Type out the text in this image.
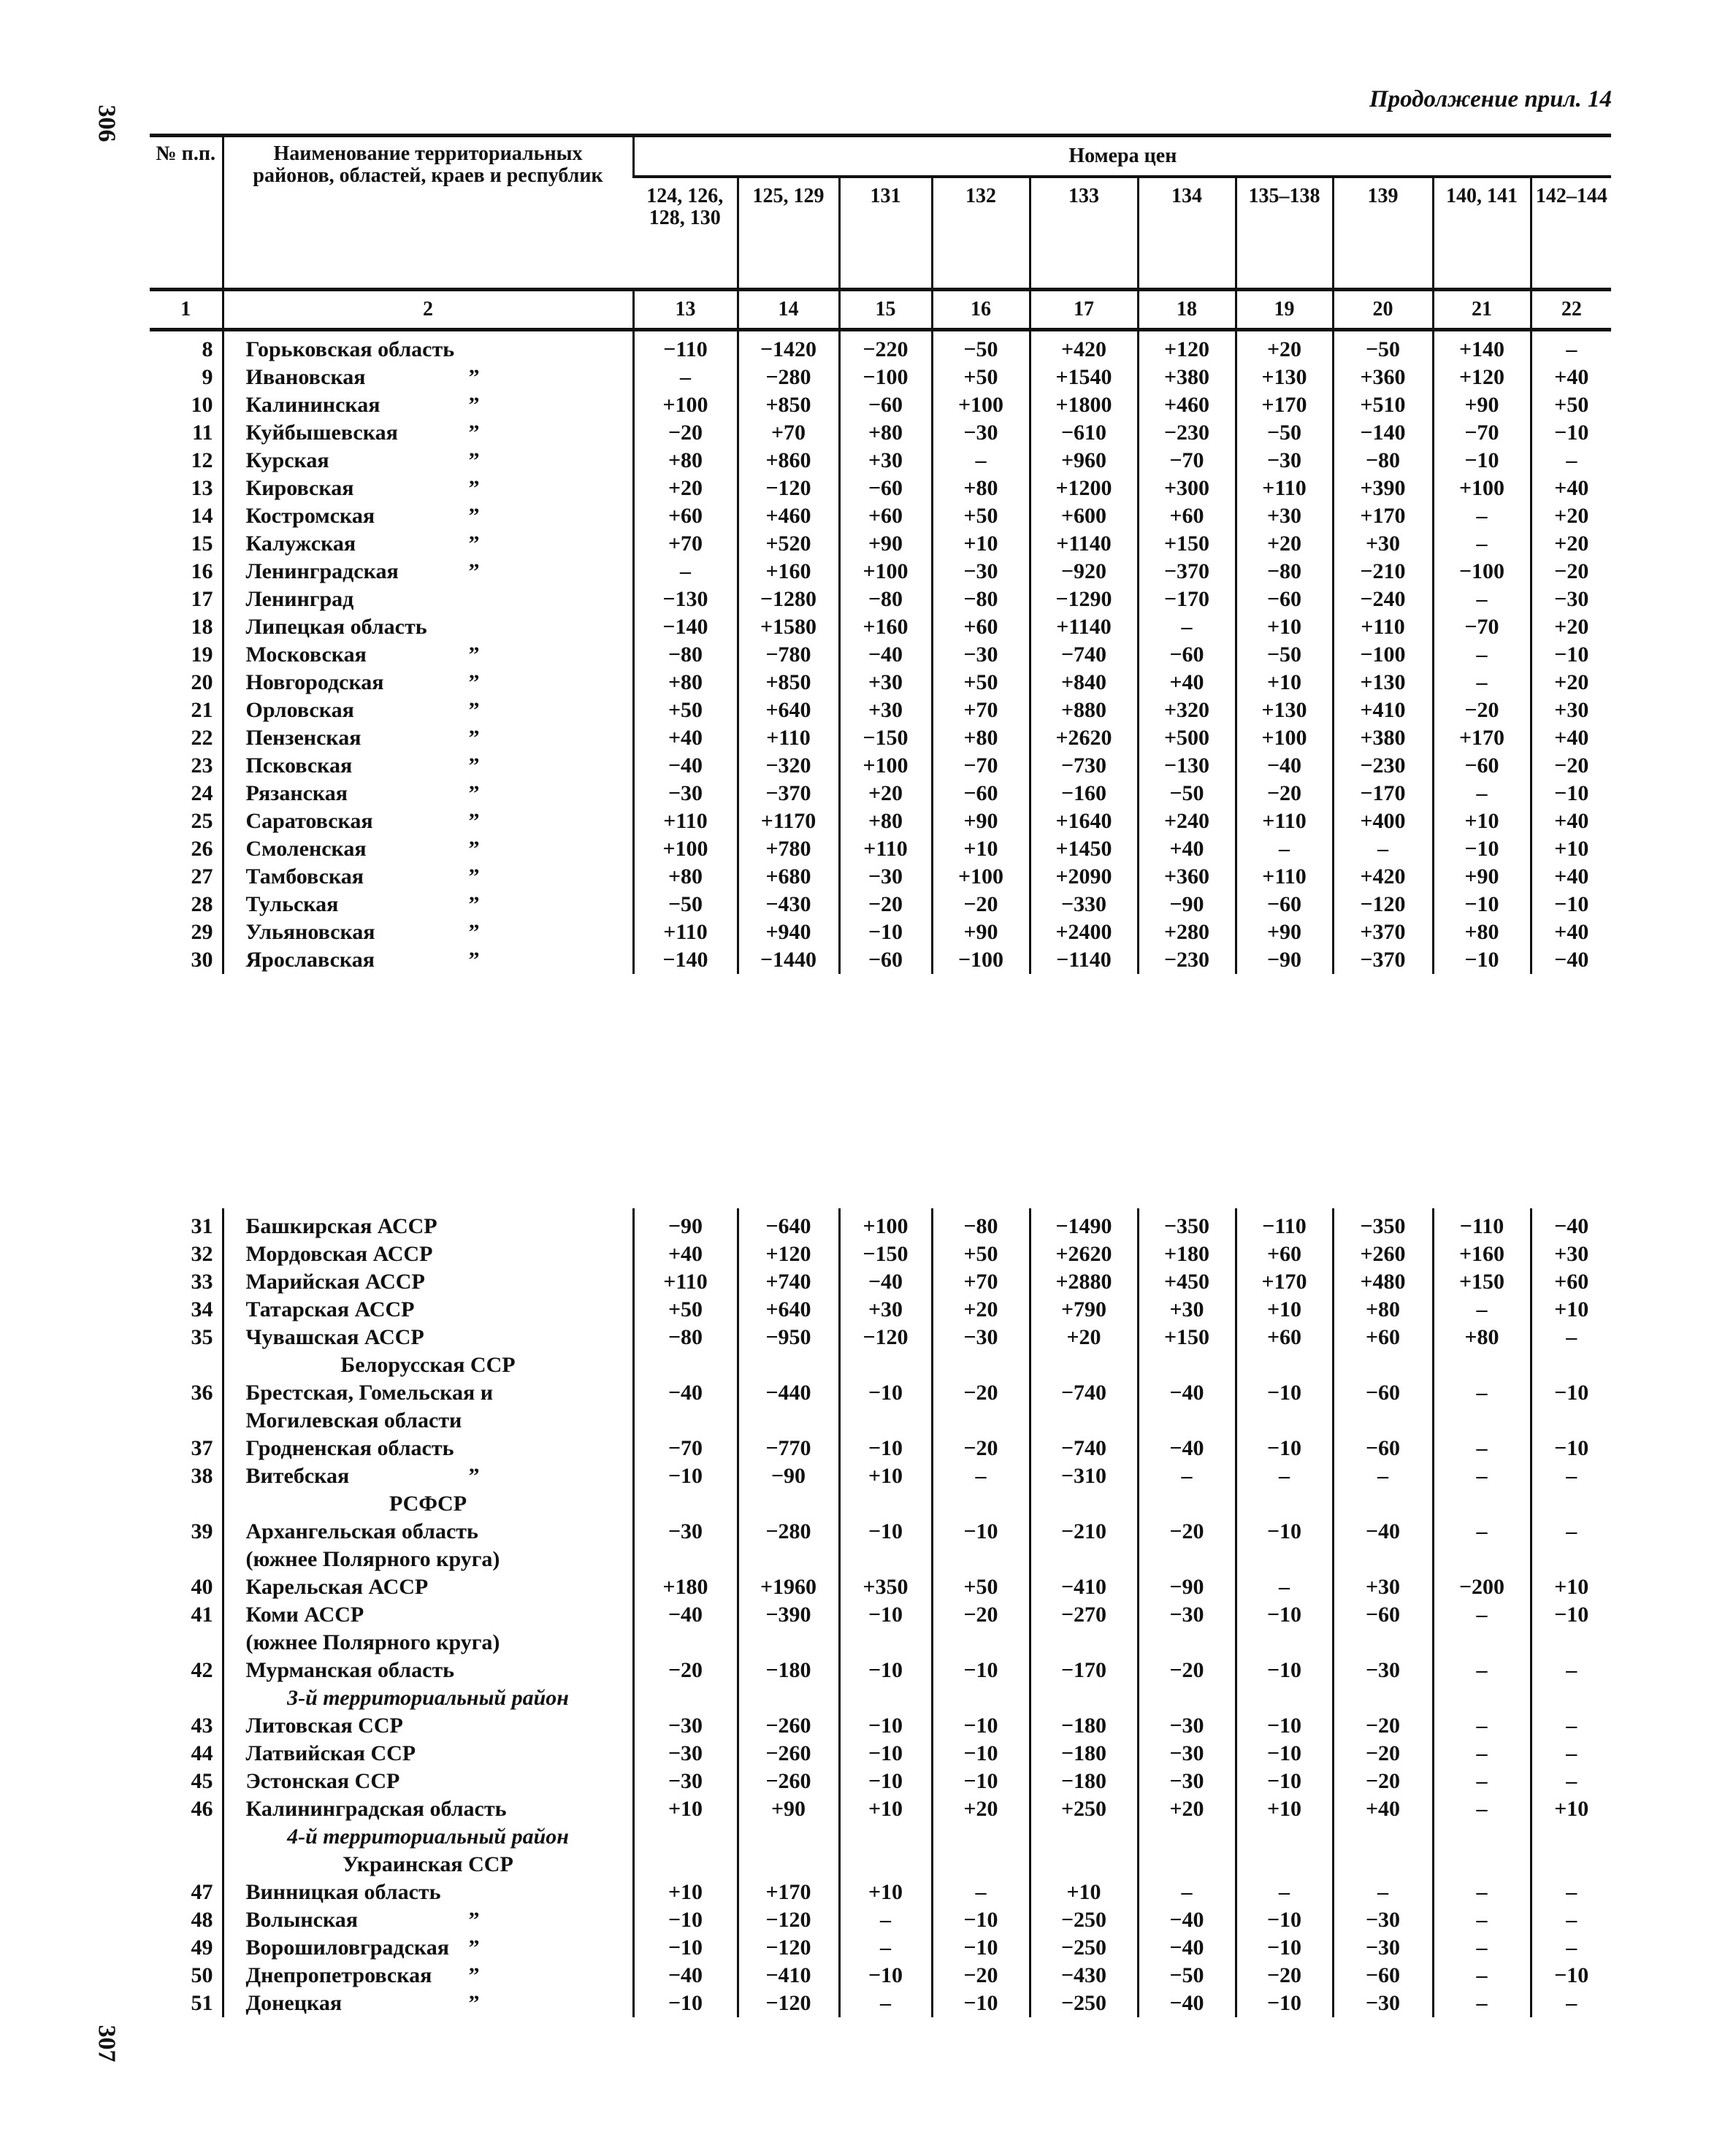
306
307
Продолжение прил. 14
№ п.п.	Наименование территориальных районов, областей, краев и республик	Номера цен									
		124, 126, 128, 130	125, 129	131	132	133	134	135–138	139	140, 141	142–144
1	2	13	14	15	16	17	18	19	20	21	22
8	Горьковская область	−110	−1420	−220	−50	+420	+120	+20	−50	+140	–
9	Ивановская ”	–	−280	−100	+50	+1540	+380	+130	+360	+120	+40
10	Калининская ”	+100	+850	−60	+100	+1800	+460	+170	+510	+90	+50
11	Куйбышевская ”	−20	+70	+80	−30	−610	−230	−50	−140	−70	−10
12	Курская ”	+80	+860	+30	–	+960	−70	−30	−80	−10	–
13	Кировская ”	+20	−120	−60	+80	+1200	+300	+110	+390	+100	+40
14	Костромская ”	+60	+460	+60	+50	+600	+60	+30	+170	–	+20
15	Калужская ”	+70	+520	+90	+10	+1140	+150	+20	+30	–	+20
16	Ленинградская ”	–	+160	+100	−30	−920	−370	−80	−210	−100	−20
17	Ленинград	−130	−1280	−80	−80	−1290	−170	−60	−240	–	−30
18	Липецкая область	−140	+1580	+160	+60	+1140	–	+10	+110	−70	+20
19	Московская ”	−80	−780	−40	−30	−740	−60	−50	−100	–	−10
20	Новгородская ”	+80	+850	+30	+50	+840	+40	+10	+130	–	+20
21	Орловская ”	+50	+640	+30	+70	+880	+320	+130	+410	−20	+30
22	Пензенская ”	+40	+110	−150	+80	+2620	+500	+100	+380	+170	+40
23	Псковская ”	−40	−320	+100	−70	−730	−130	−40	−230	−60	−20
24	Рязанская ”	−30	−370	+20	−60	−160	−50	−20	−170	–	−10
25	Саратовская ”	+110	+1170	+80	+90	+1640	+240	+110	+400	+10	+40
26	Смоленская ”	+100	+780	+110	+10	+1450	+40	–	–	−10	+10
27	Тамбовская ”	+80	+680	−30	+100	+2090	+360	+110	+420	+90	+40
28	Тульская ”	−50	−430	−20	−20	−330	−90	−60	−120	−10	−10
29	Ульяновская ”	+110	+940	−10	+90	+2400	+280	+90	+370	+80	+40
30	Ярославская ”	−140	−1440	−60	−100	−1140	−230	−90	−370	−10	−40
31	Башкирская АССР	−90	−640	+100	−80	−1490	−350	−110	−350	−110	−40
32	Мордовская АССР	+40	+120	−150	+50	+2620	+180	+60	+260	+160	+30
33	Марийская АССР	+110	+740	−40	+70	+2880	+450	+170	+480	+150	+60
34	Татарская АССР	+50	+640	+30	+20	+790	+30	+10	+80	–	+10
35	Чувашская АССР	−80	−950	−120	−30	+20	+150	+60	+60	+80	–
	Белорусская ССР										
36	Брестская, Гомельская и
Могилевская области	−40	−440	−10	−20	−740	−40	−10	−60	–	−10
37	Гродненская область	−70	−770	−10	−20	−740	−40	−10	−60	–	−10
38	Витебская ”	−10	−90	+10	–	−310	–	–	–	–	–
	РСФСР										
39	Архангельская область
(южнее Полярного круга)	−30	−280	−10	−10	−210	−20	−10	−40	–	–
40	Карельская АССР	+180	+1960	+350	+50	−410	−90	–	+30	−200	+10
41	Коми АССР
(южнее Полярного круга)	−40	−390	−10	−20	−270	−30	−10	−60	–	−10
42	Мурманская область	−20	−180	−10	−10	−170	−20	−10	−30	–	–
	3-й территориальный район										
43	Литовская ССР	−30	−260	−10	−10	−180	−30	−10	−20	–	–
44	Латвийская ССР	−30	−260	−10	−10	−180	−30	−10	−20	–	–
45	Эстонская ССР	−30	−260	−10	−10	−180	−30	−10	−20	–	–
46	Калининградская область	+10	+90	+10	+20	+250	+20	+10	+40	–	+10
	4-й территориальный район										
	Украинская ССР										
47	Винницкая область	+10	+170	+10	–	+10	–	–	–	–	–
48	Волынская ”	−10	−120	–	−10	−250	−40	−10	−30	–	–
49	Ворошиловградская ”	−10	−120	–	−10	−250	−40	−10	−30	–	–
50	Днепропетровская ”	−40	−410	−10	−20	−430	−50	−20	−60	–	−10
51	Донецкая ”	−10	−120	–	−10	−250	−40	−10	−30	–	–
